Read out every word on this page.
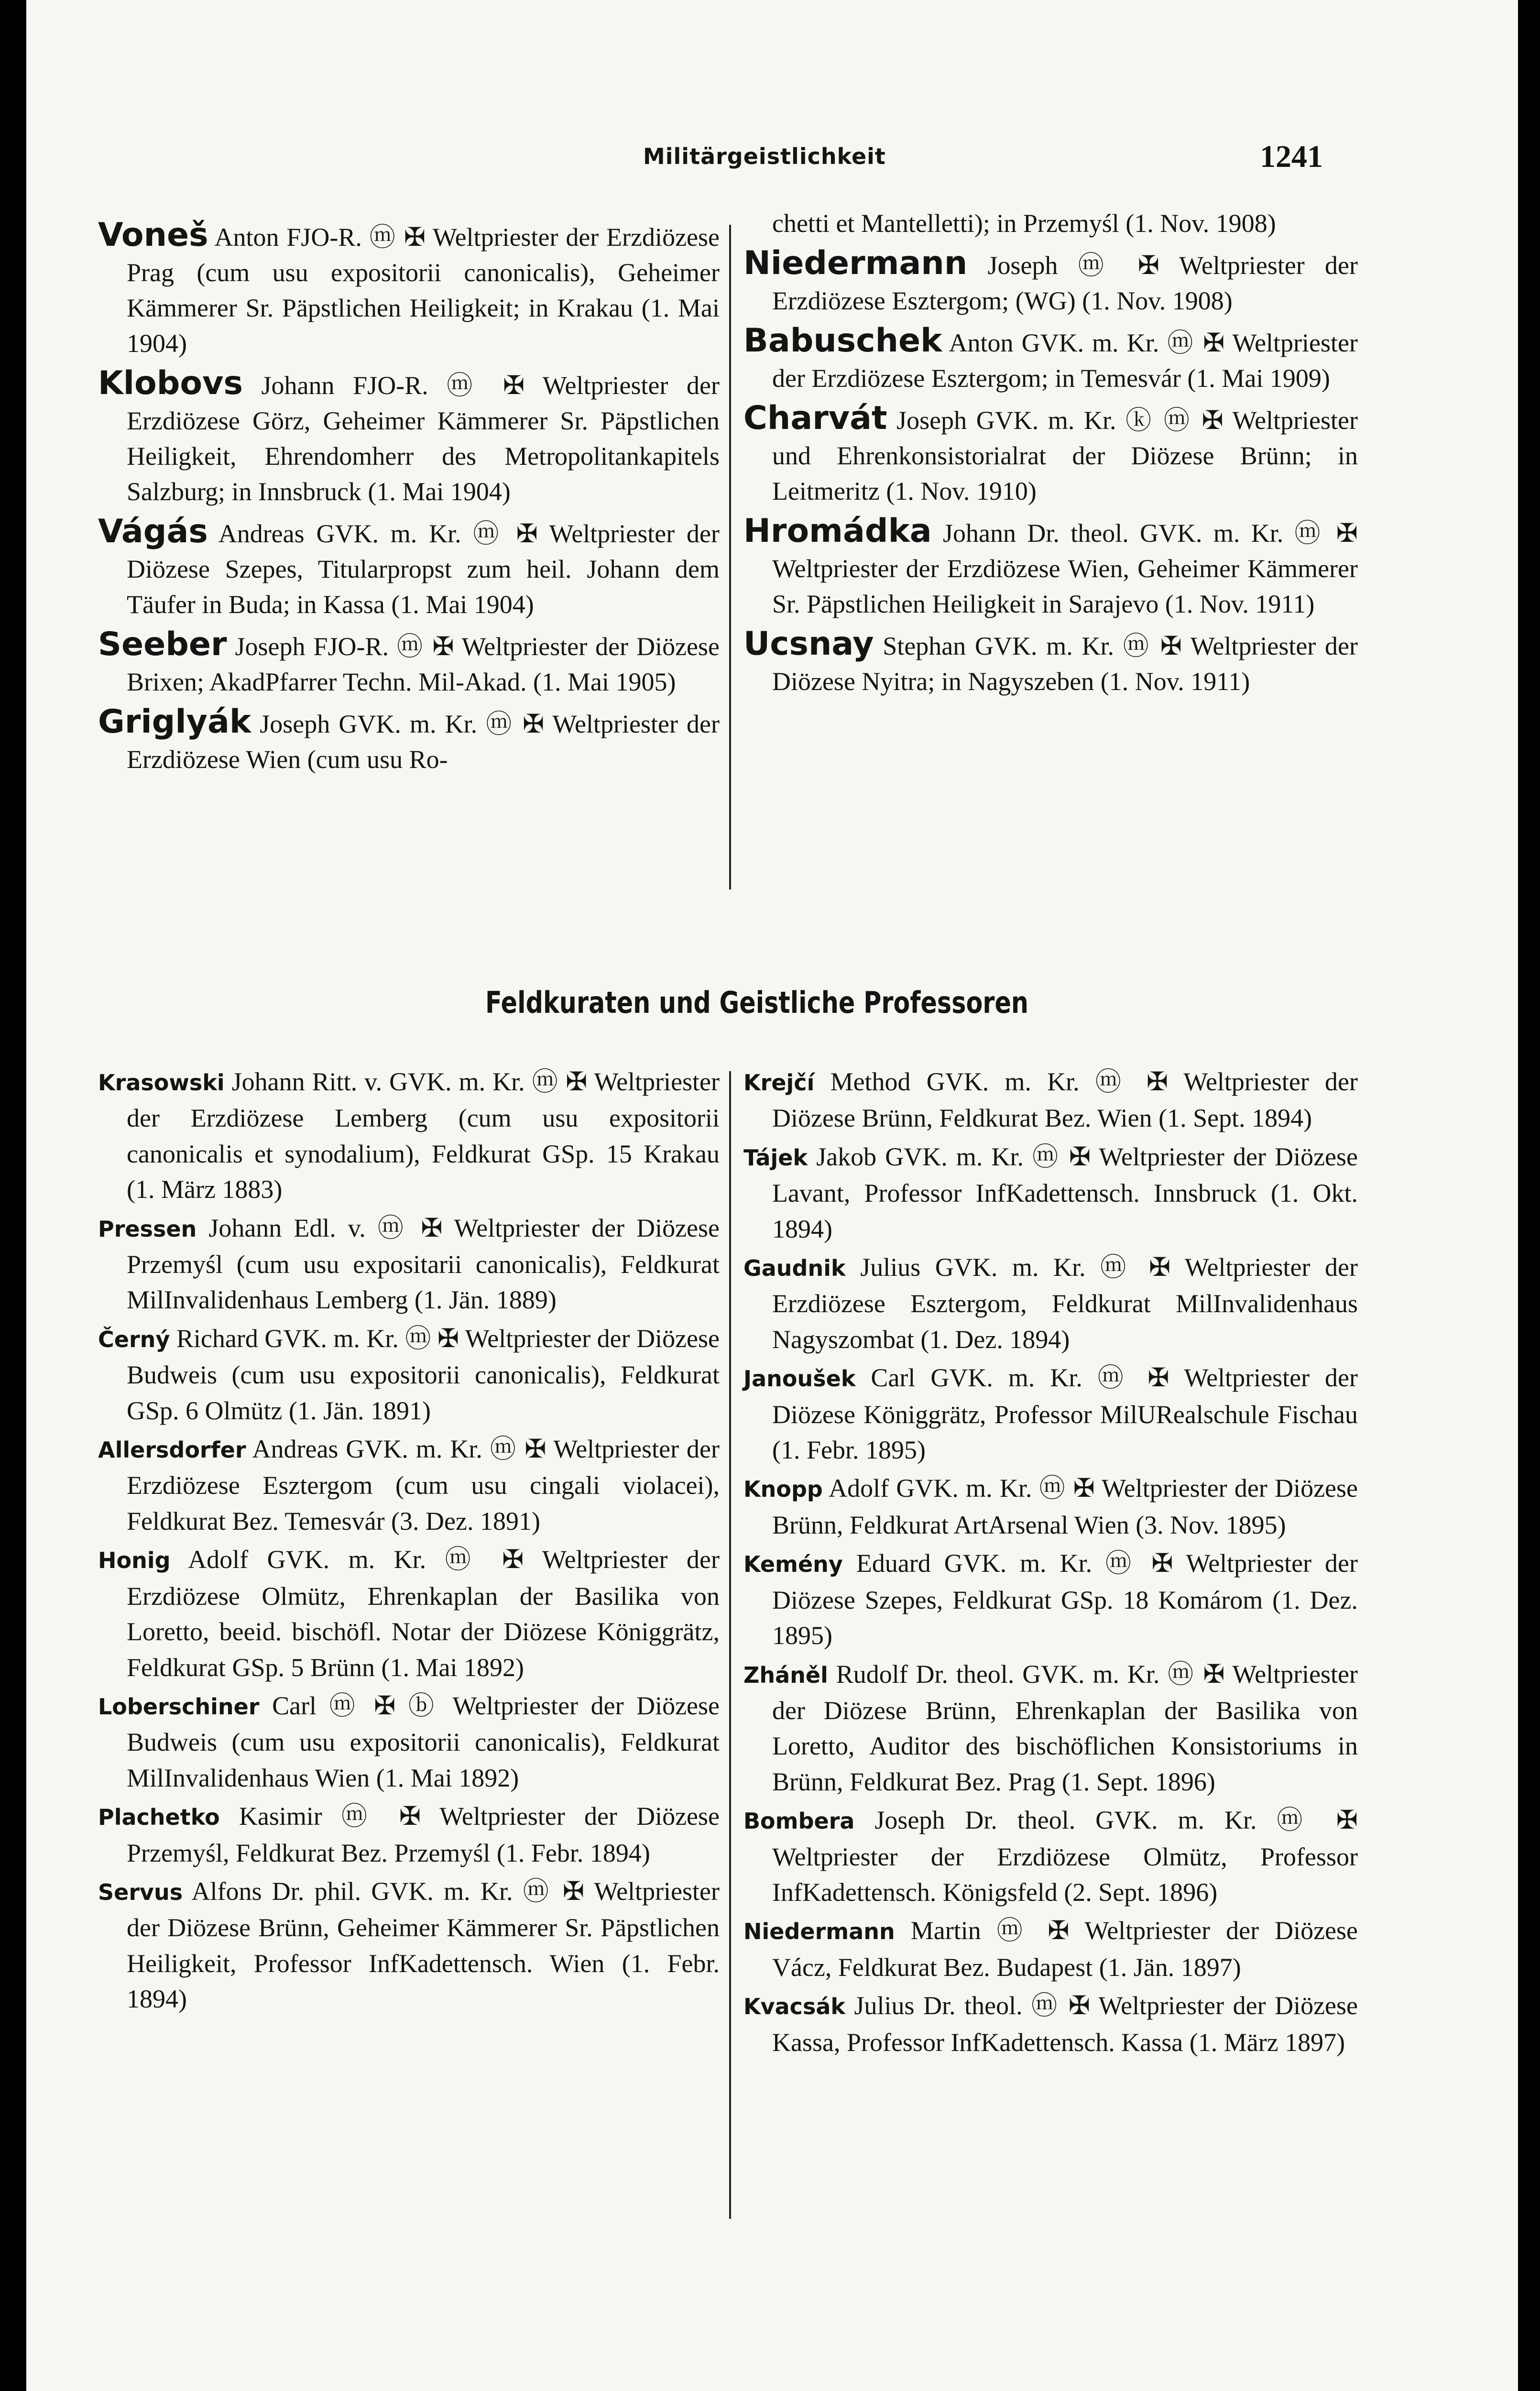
Militärgeistlichkeit	1241

Voneš Anton FJO-R. ⓜ ✠ Weltpriester der Erzdiözese Prag (cum usu expositorii canonicalis), Geheimer Kämmerer Sr. Päpstlichen Heiligkeit; in Krakau (1. Mai 1904)

Klobovs Johann FJO-R. ⓜ ✠ Weltpriester der Erzdiözese Görz, Geheimer Kämmerer Sr. Päpstlichen Heiligkeit, Ehrendomherr des Metropolitankapitels Salzburg; in Innsbruck (1. Mai 1904)

Vágás Andreas GVK. m. Kr. ⓜ ✠ Weltpriester der Diözese Szepes, Titularpropst zum heil. Johann dem Täufer in Buda; in Kassa (1. Mai 1904)

Seeber Joseph FJO-R. ⓜ ✠ Weltpriester der Diözese Brixen; AkadPfarrer Techn. Mil-Akad. (1. Mai 1905)

Griglyák Joseph GVK. m. Kr. ⓜ ✠ Weltpriester der Erzdiözese Wien (cum usu Ro-

chetti et Mantelletti); in Przemyśl (1. Nov. 1908)

Niedermann Joseph ⓜ ✠ Weltpriester der Erzdiözese Esztergom; (WG) (1. Nov. 1908)

Babuschek Anton GVK. m. Kr. ⓜ ✠ Weltpriester der Erzdiözese Esztergom; in Temesvár (1. Mai 1909)

Charvát Joseph GVK. m. Kr. ⓚ ⓜ ✠ Weltpriester und Ehrenkonsistorialrat der Diözese Brünn; in Leitmeritz (1. Nov. 1910)

Hromádka Johann Dr. theol. GVK. m. Kr. ⓜ ✠ Weltpriester der Erzdiözese Wien, Geheimer Kämmerer Sr. Päpstlichen Heiligkeit in Sarajevo (1. Nov. 1911)

Ucsnay Stephan GVK. m. Kr. ⓜ ✠ Weltpriester der Diözese Nyitra; in Nagyszeben (1. Nov. 1911)

Feldkuraten und Geistliche Professoren

Krasowski Johann Ritt. v. GVK. m. Kr. ⓜ ✠ Weltpriester der Erzdiözese Lemberg (cum usu expositorii canonicalis et synodalium), Feldkurat GSp. 15 Krakau (1. März 1883)

Pressen Johann Edl. v. ⓜ ✠ Weltpriester der Diözese Przemyśl (cum usu expositarii canonicalis), Feldkurat MilInvalidenhaus Lemberg (1. Jän. 1889)

Černý Richard GVK. m. Kr. ⓜ ✠ Weltpriester der Diözese Budweis (cum usu expositorii canonicalis), Feldkurat GSp. 6 Olmütz (1. Jän. 1891)

Allersdorfer Andreas GVK. m. Kr. ⓜ ✠ Weltpriester der Erzdiözese Esztergom (cum usu cingali violacei), Feldkurat Bez. Temesvár (3. Dez. 1891)

Honig Adolf GVK. m. Kr. ⓜ ✠ Weltpriester der Erzdiözese Olmütz, Ehrenkaplan der Basilika von Loretto, beeid. bischöfl. Notar der Diözese Königgrätz, Feldkurat GSp. 5 Brünn (1. Mai 1892)

Loberschiner Carl ⓜ ✠ ⓑ Weltpriester der Diözese Budweis (cum usu expositorii canonicalis), Feldkurat MilInvalidenhaus Wien (1. Mai 1892)

Plachetko Kasimir ⓜ ✠ Weltpriester der Diözese Przemyśl, Feldkurat Bez. Przemyśl (1. Febr. 1894)

Servus Alfons Dr. phil. GVK. m. Kr. ⓜ ✠ Weltpriester der Diözese Brünn, Geheimer Kämmerer Sr. Päpstlichen Heiligkeit, Professor InfKadettensch. Wien (1. Febr. 1894)

Krejčí Method GVK. m. Kr. ⓜ ✠ Weltpriester der Diözese Brünn, Feldkurat Bez. Wien (1. Sept. 1894)

Tájek Jakob GVK. m. Kr. ⓜ ✠ Weltpriester der Diözese Lavant, Professor InfKadettensch. Innsbruck (1. Okt. 1894)

Gaudnik Julius GVK. m. Kr. ⓜ ✠ Weltpriester der Erzdiözese Esztergom, Feldkurat MilInvalidenhaus Nagyszombat (1. Dez. 1894)

Janoušek Carl GVK. m. Kr. ⓜ ✠ Weltpriester der Diözese Königgrätz, Professor MilURealschule Fischau (1. Febr. 1895)

Knopp Adolf GVK. m. Kr. ⓜ ✠ Weltpriester der Diözese Brünn, Feldkurat ArtArsenal Wien (3. Nov. 1895)

Kemény Eduard GVK. m. Kr. ⓜ ✠ Weltpriester der Diözese Szepes, Feldkurat GSp. 18 Komárom (1. Dez. 1895)

Zháněl Rudolf Dr. theol. GVK. m. Kr. ⓜ ✠ Weltpriester der Diözese Brünn, Ehrenkaplan der Basilika von Loretto, Auditor des bischöflichen Konsistoriums in Brünn, Feldkurat Bez. Prag (1. Sept. 1896)

Bombera Joseph Dr. theol. GVK. m. Kr. ⓜ ✠ Weltpriester der Erzdiözese Olmütz, Professor InfKadettensch. Königsfeld (2. Sept. 1896)

Niedermann Martin ⓜ ✠ Weltpriester der Diözese Vácz, Feldkurat Bez. Budapest (1. Jän. 1897)

Kvacsák Julius Dr. theol. ⓜ ✠ Weltpriester der Diözese Kassa, Professor InfKadettensch. Kassa (1. März 1897)
